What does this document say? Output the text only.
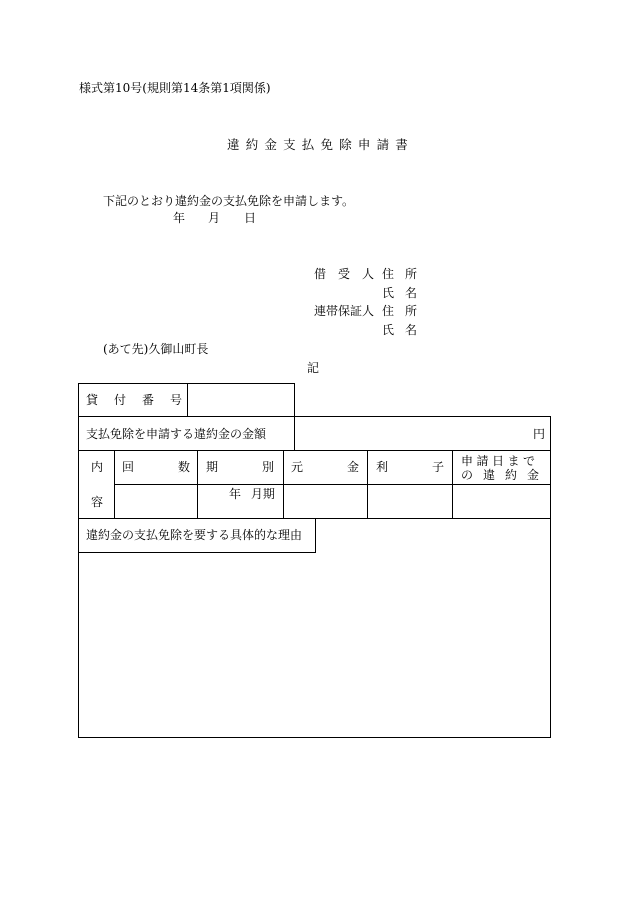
様式第10号(規則第14条第1項関係)
違約金支払免除申請書
下記のとおり違約金の支払免除を申請します。
年 月 日
借受人
住所
氏名
連帯保証人 住所
氏名
(あて先)久御山町長
記
貸付番号
支払免除を申請する違約金の金額	円
内
容
回数
期別
元金
利子
申請日まで
の違約金
年 月期
違約金の支払免除を要する具体的な理由
